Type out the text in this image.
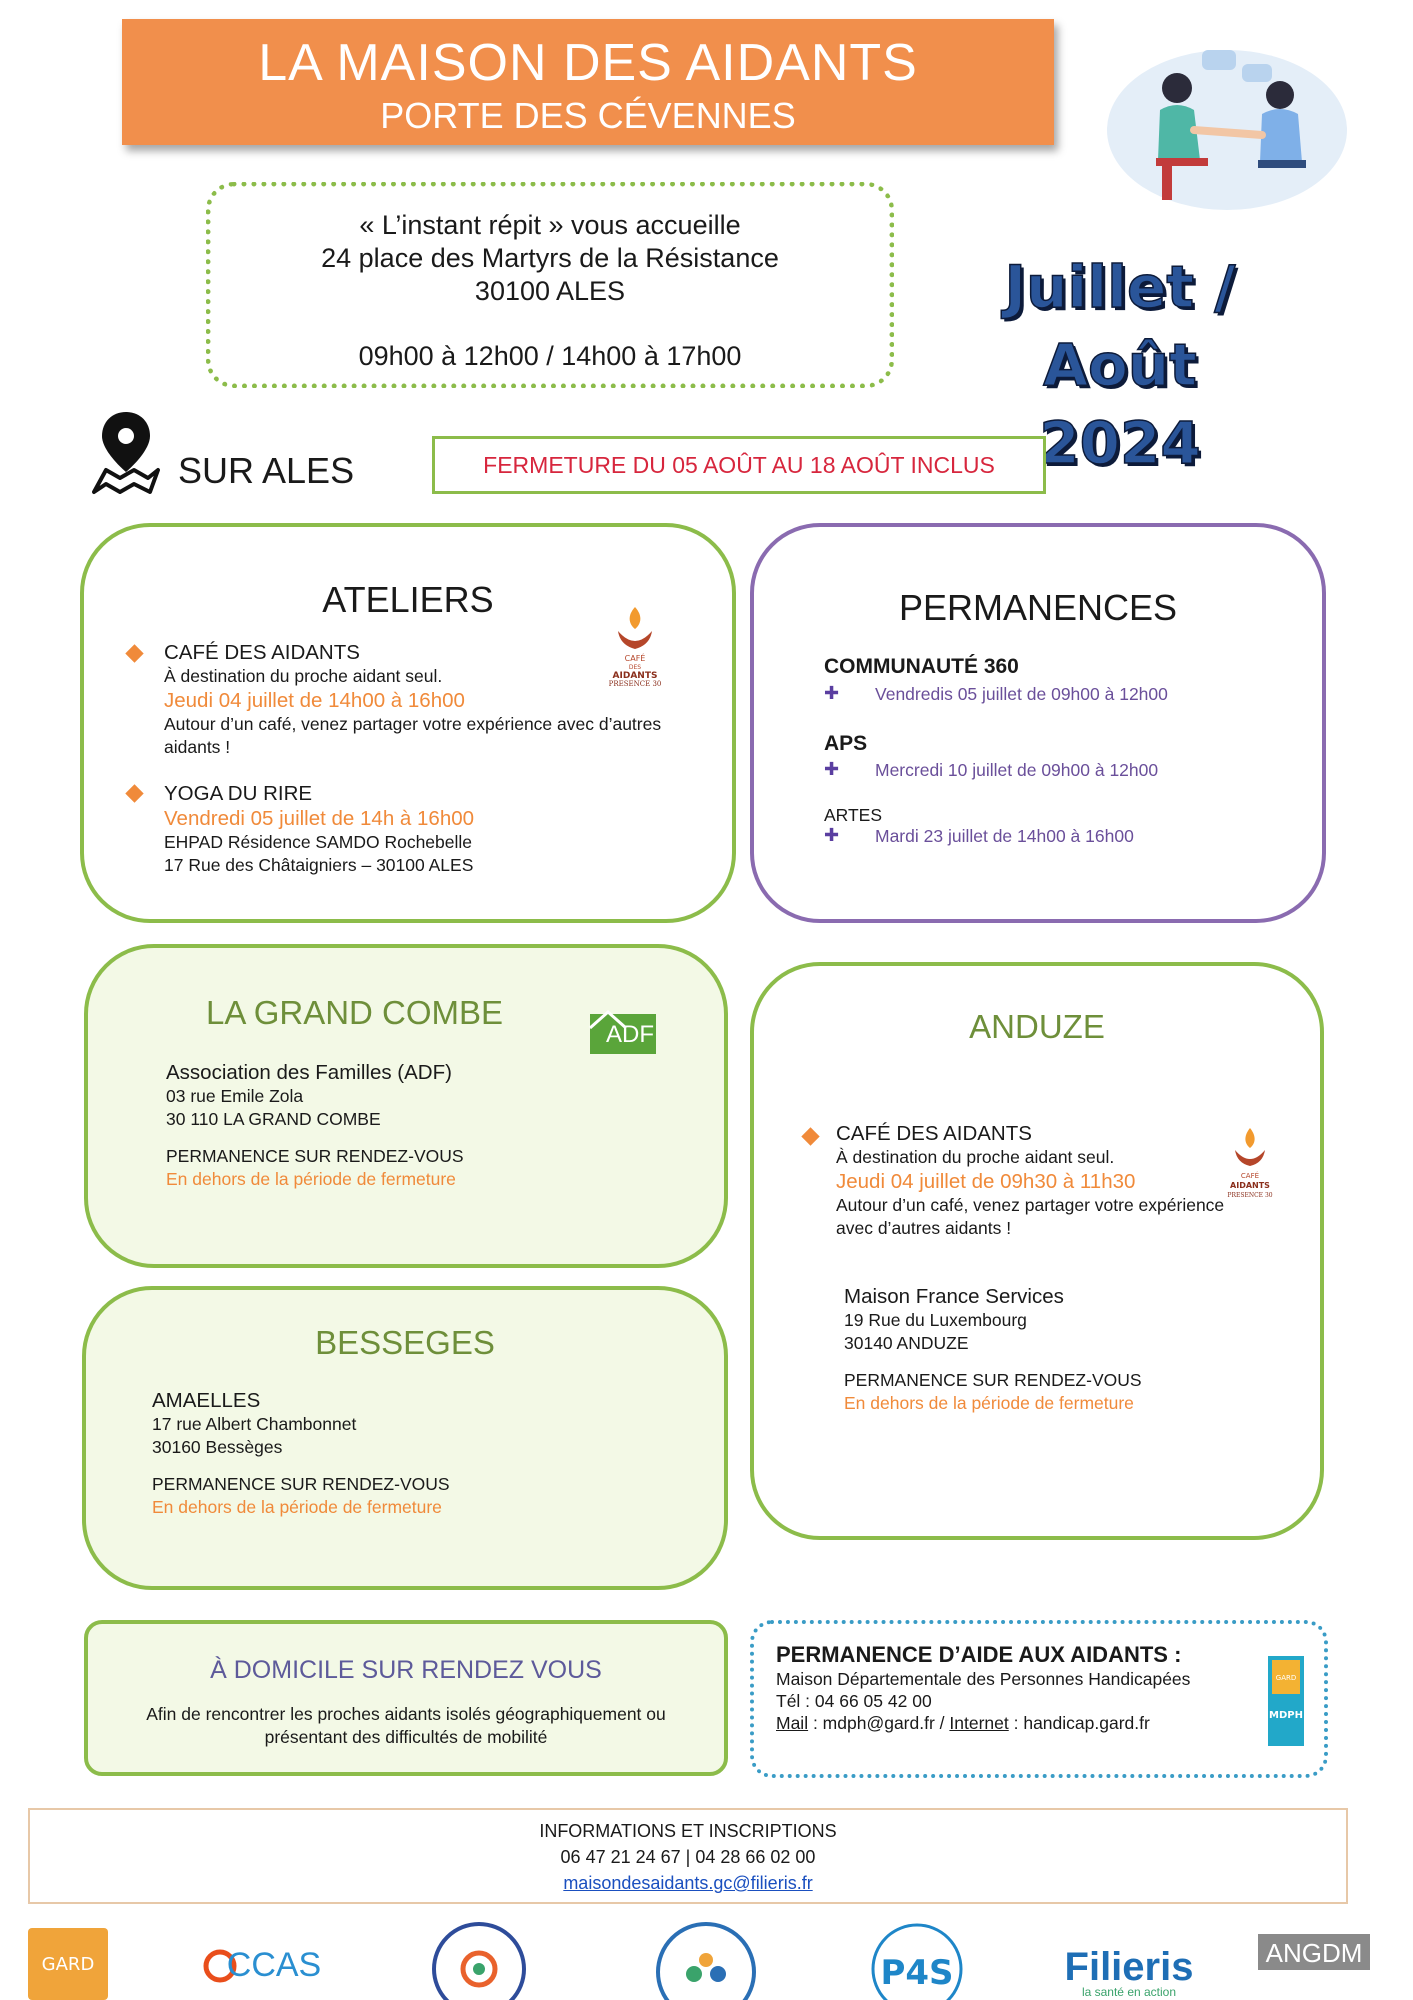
LA MAISON DES AIDANTS
PORTE DES CÉVENNES
« L’instant répit » vous accueille
24 place des Martyrs de la Résistance
30100 ALES
09h00 à 12h00 / 14h00 à 17h00
Juillet / Août
2024
SUR ALES	FERMETURE DU 05 AOÛT AU 18 AOÛT INCLUS
ATELIERS
CAFÉ
DES
AIDANTS
PRESENCE 30
CAFÉ DES AIDANTS
À destination du proche aidant seul.
Jeudi 04 juillet de 14h00 à 16h00
Autour d’un café, venez partager votre expérience avec d’autres
aidants !
YOGA DU RIRE
Vendredi 05 juillet de 14h à 16h00
EHPAD Résidence SAMDO Rochebelle
17 Rue des Châtaigniers – 30100 ALES
PERMANENCES
COMMUNAUTÉ 360
✚ Vendredis 05 juillet de 09h00 à 12h00
APS
✚ Mercredi 10 juillet de 09h00 à 12h00
ARTES
✚ Mardi 23 juillet de 14h00 à 16h00
LA GRAND COMBE
ADF
Association des Familles (ADF)
03 rue Emile Zola
30 110 LA GRAND COMBE
PERMANENCE SUR RENDEZ-VOUS
En dehors de la période de fermeture
ANDUZE
CAFÉ DES AIDANTS
À destination du proche aidant seul.
Jeudi 04 juillet de 09h30 à 11h30
Autour d’un café, venez partager votre expérience
avec d’autres aidants !
CAFÉ
AIDANTS
PRESENCE 30
Maison France Services
19 Rue du Luxembourg
30140 ANDUZE
PERMANENCE SUR RENDEZ-VOUS
En dehors de la période de fermeture
BESSEGES
AMAELLES
17 rue Albert Chambonnet
30160 Bessèges
PERMANENCE SUR RENDEZ-VOUS
En dehors de la période de fermeture
À DOMICILE SUR RENDEZ VOUS
Afin de rencontrer les proches aidants isolés géographiquement ou
présentant des difficultés de mobilité
PERMANENCE D’AIDE AUX AIDANTS :
Maison Départementale des Personnes Handicapées
Tél : 04 66 05 42 00
Mail : mdph@gard.fr / Internet : handicap.gard.fr
GARD
MDPH
INFORMATIONS ET INSCRIPTIONS
06 47 21 24 67 | 04 28 66 02 00
maisondesaidants.gc@filieris.fr
GARD	CCAS	P4S	Filieris
la santé en action
ANGDM
